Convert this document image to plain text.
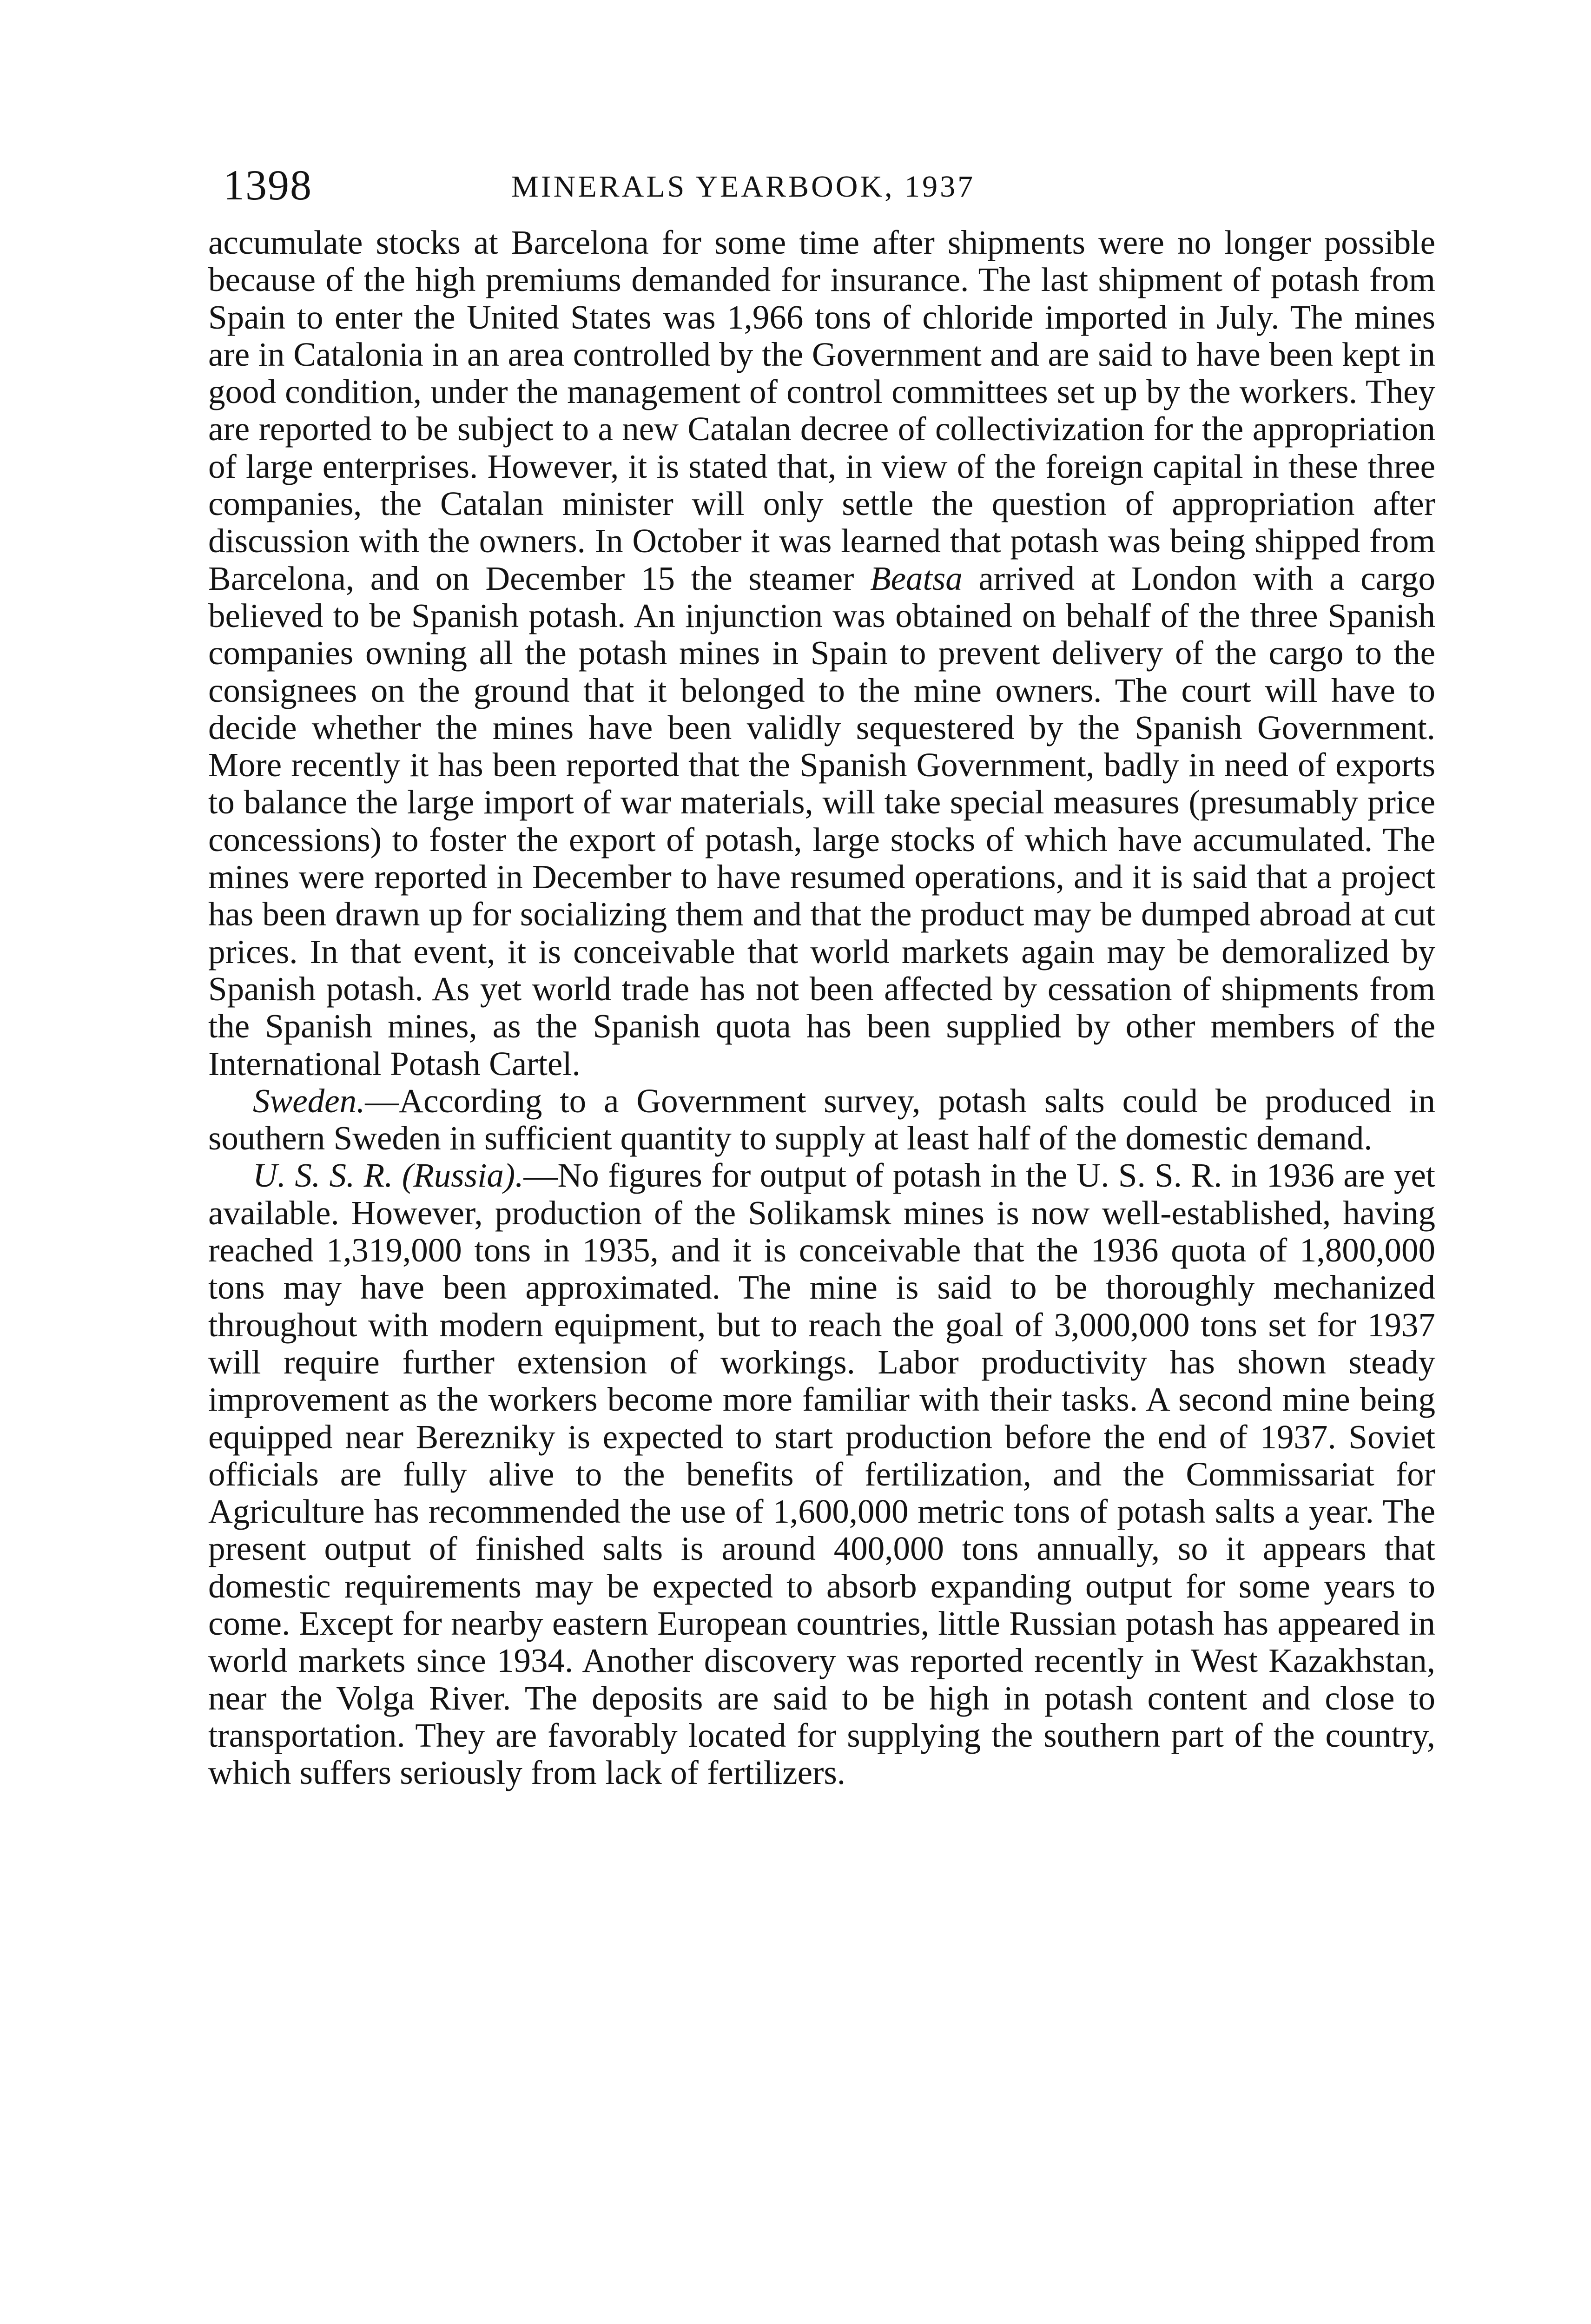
1398	MINERALS YEARBOOK, 1937

accumulate stocks at Barcelona for some time after shipments were no longer possible because of the high premiums demanded for insurance. The last shipment of potash from Spain to enter the United States was 1,966 tons of chloride imported in July. The mines are in Catalonia in an area controlled by the Government and are said to have been kept in good condition, under the management of control committees set up by the workers. They are reported to be subject to a new Catalan decree of collectivization for the appropriation of large enterprises. However, it is stated that, in view of the foreign capital in these three companies, the Catalan minister will only settle the question of appropriation after discussion with the owners. In October it was learned that potash was being shipped from Barcelona, and on December 15 the steamer Beatsa arrived at London with a cargo believed to be Spanish potash. An injunction was obtained on behalf of the three Spanish companies owning all the potash mines in Spain to prevent delivery of the cargo to the consignees on the ground that it belonged to the mine owners. The court will have to decide whether the mines have been validly sequestered by the Spanish Government. More recently it has been reported that the Spanish Government, badly in need of exports to balance the large import of war materials, will take special measures (presumably price concessions) to foster the export of potash, large stocks of which have accumulated. The mines were reported in December to have resumed operations, and it is said that a project has been drawn up for socializing them and that the product may be dumped abroad at cut prices. In that event, it is conceivable that world markets again may be demoralized by Spanish potash. As yet world trade has not been affected by cessation of shipments from the Spanish mines, as the Spanish quota has been supplied by other members of the International Potash Cartel.

Sweden.—According to a Government survey, potash salts could be produced in southern Sweden in sufficient quantity to supply at least half of the domestic demand.

U. S. S. R. (Russia).—No figures for output of potash in the U. S. S. R. in 1936 are yet available. However, production of the Solikamsk mines is now well-established, having reached 1,319,000 tons in 1935, and it is conceivable that the 1936 quota of 1,800,000 tons may have been approximated. The mine is said to be thoroughly mechanized throughout with modern equipment, but to reach the goal of 3,000,000 tons set for 1937 will require further extension of workings. Labor productivity has shown steady improvement as the workers become more familiar with their tasks. A second mine being equipped near Berezniky is expected to start production before the end of 1937. Soviet officials are fully alive to the benefits of fertilization, and the Commissariat for Agriculture has recommended the use of 1,600,000 metric tons of potash salts a year. The present output of finished salts is around 400,000 tons annually, so it appears that domestic requirements may be expected to absorb expanding output for some years to come. Except for nearby eastern European countries, little Russian potash has appeared in world markets since 1934. Another discovery was reported recently in West Kazakhstan, near the Volga River. The deposits are said to be high in potash content and close to transportation. They are favorably located for supplying the southern part of the country, which suffers seriously from lack of fertilizers.
